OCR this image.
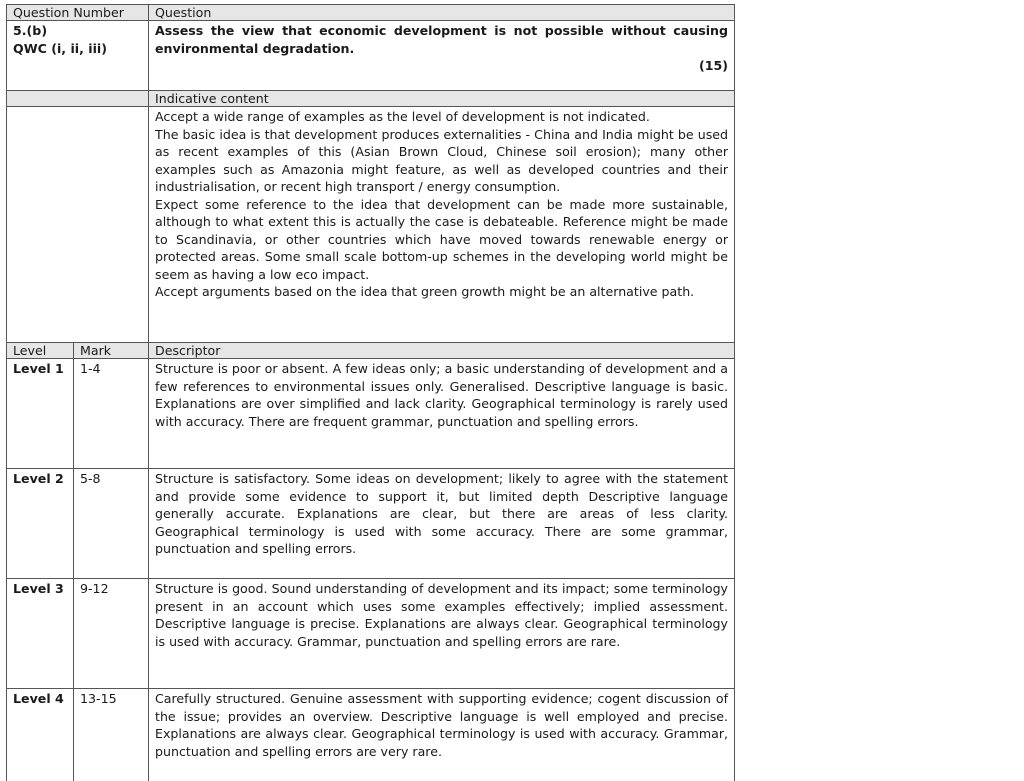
Question Number		Question

5.(b)
QWC (i, ii, iii)		Assess the view that economic development is not possible without causing environmental degradation.
(15)

		Indicative content

		Accept a wide range of examples as the level of development is not indicated.
The basic idea is that development produces externalities - China and India might be used as recent examples of this (Asian Brown Cloud, Chinese soil erosion); many other examples such as Amazonia might feature, as well as developed countries and their industrialisation, or recent high transport / energy consumption.
Expect some reference to the idea that development can be made more sustainable, although to what extent this is actually the case is debateable. Reference might be made to Scandinavia, or other countries which have moved towards renewable energy or protected areas. Some small scale bottom-up schemes in the developing world might be seem as having a low eco impact.
Accept arguments based on the idea that green growth might be an alternative path.

Level	Mark	Descriptor
Level 1	1-4	Structure is poor or absent. A few ideas only; a basic understanding of development and a few references to environmental issues only. Generalised. Descriptive language is basic. Explanations are over simplified and lack clarity. Geographical terminology is rarely used with accuracy. There are frequent grammar, punctuation and spelling errors.
Level 2	5-8	Structure is satisfactory. Some ideas on development; likely to agree with the statement and provide some evidence to support it, but limited depth Descriptive language generally accurate. Explanations are clear, but there are areas of less clarity. Geographical terminology is used with some accuracy. There are some grammar, punctuation and spelling errors.
Level 3	9-12	Structure is good. Sound understanding of development and its impact; some terminology present in an account which uses some examples effectively; implied assessment. Descriptive language is precise. Explanations are always clear. Geographical terminology is used with accuracy. Grammar, punctuation and spelling errors are rare.
Level 4	13-15	Carefully structured. Genuine assessment with supporting evidence; cogent discussion of the issue; provides an overview. Descriptive language is well employed and precise. Explanations are always clear. Geographical terminology is used with accuracy. Grammar, punctuation and spelling errors are very rare.
